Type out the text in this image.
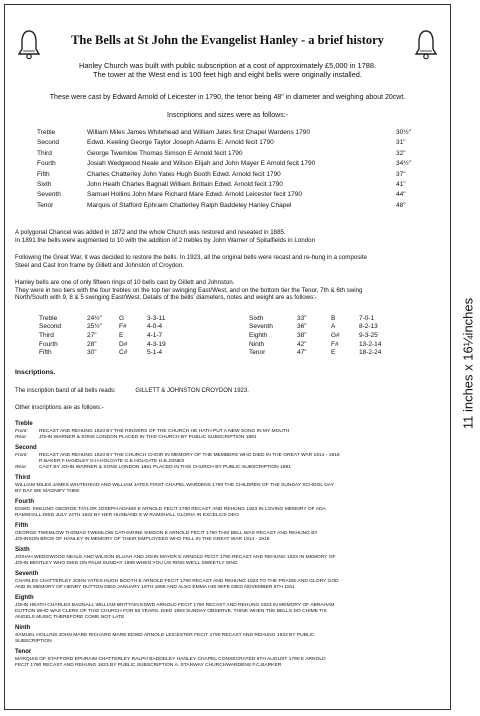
The Bells at St John the Evangelist Hanley - a brief history
Hanley Church was built with public subscription at a cost of approximately £5,000 in 1788.
The tower at the West end is 100 feet high and eight bells were originally installed.
These were cast by Edward Arnold of Leicester in 1790, the tenor being 48" in diameter and weighing about 20cwt.
Inscriptions and sizes were as follows:-
Treble	William Miles James Whitehead and William Jates first Chapel Wardens 1790	30½"
Second	Edwd. Keeling George Taylor Joseph Adams E: Arnold fecit 1790	31"
Third	George Twemlow Thomas Simson E Arnold fecit 1790	32"
Fourth	Josiah Wedgwood Neale and Wilson Elijah and John Mayer E Arnold fecit 1790	34½"
Fifth	Charles Chatterley John Yates Hugh Booth Edwd. Arnold fecit 1790	37"
Sixth	John Heath Charles Bagnall William Brittain Edwd. Arnold fecit 1790	41"
Seventh	Samuel Hollins John Mare Richard Mare Edwd. Arnold Leicester fecit 1790	44"
Tenor	Marquis of Stafford Ephraim Chatterley Ralph Baddeley Hanley Chapel	48"
A polygonal Chancel was added in 1872 and the whole Church was restored and reseated in 1885.
In 1891 the bells were augmented to 10 with the addition of 2 trebles by John Warner of Spitalfields in London
Following the Great War, it was decided to restore the bells. In 1923, all the original bells were recast and re-hung in a composite
Steel and Cast Iron frame by Gillett and Johnston of Croydon.
Hanley bells are one of only fifteen rings of 10 bells cast by Gillett and Johnston.
They were in two tiers with the four trebles on the top tier swinging East/West, and on the bottom tier the Tenor, 7th & 6th swing
North/South with 9, 8 & 5 swinging East/West. Details of the bells' diameters, notes and weight are as follows:-
Treble	24½"	G	3-3-11
Second	25½"	F#	4-0-4
Third	27"	E	4-1-7
Fourth	28"	D#	4-3-19
Fifth	30"	C#	5-1-4
Sixth	33"	B	7-0-1
Seventh	36"	A	8-2-13
Eighth	38"	G#	9-3-25
Ninth	42"	F#	13-2-14
Tenor	47"	E	18-2-24
Inscriptions.
The inscription band of all bells reads:	GILLETT & JOHNSTON CROYDON 1923.
Other inscriptions are as follows:-
Treble
Front: RECAST AND REHUNG 1923 BY THE RINGERS OF THE CHURCH HE HATH PUT A NEW SONG IN MY MOUTH
Rear: JOHN WARNER & SONS LONDON PLACED IN THIS CHURCH BY PUBLIC SUBSCRIPTION 1891
Second
Front: RECAST AND REHUNG 1923 BY THE CHURCH CHOIR IN MEMORY OF THE MEMBERS WHO DIED IN THE GREAT WAR 1914 - 1918
R.BAKER F.HANDLEY G.H.HOLGATE G.E.HOLGATE H.B.JONES
Rear: CAST BY JOHN WARNER & SONS LONDON 1891 PLACED IN THIS CHURCH BY PUBLIC SUBSCRIPTION 1891
Third
WILLIAM MILES JAMES WHITEHEAD AND WILLIAM JATES FIRST CHAPEL WARDENS 1790 THE CHILDREN OF THE SUNDAY SCHOOL DAY
BY DAY WE MAGNIFY THEE
Fourth
EDWD. KEELING GEORGE TAYLOR JOSEPH ADAMS E ARNOLD FECIT 1790 RECAST AND REHUNG 1923 IN LOVING MEMORY OF ADA
RAMSHALL DIED JULY 24TH 1922 BY HER HUSBAND S W RAMSHALL GLORIA IN EXCELCIS DEO
Fifth
GEORGE TWEMLOW THOMAS TWEMLOW CATHARINE SIMSON E ARNOLD FECIT 1790 THIS BELL WAS RECAST AND REHUNG BY
JOHNSON BROS OF HANLEY IN MEMORY OF THEIR EMPLOYEES WHO FELL IN THE GREAT WAR 1914 - 1918
Sixth
JOSIAH WEDGWOOD NEALE AND WILSON ELIJAH AND JOHN MAYER E ARNOLD FECIT 1790 RECAST AND REHUNG 1923 IN MEMORY OF
JOHN BENTLEY WHO DIED ON PALM SUNDAY 1899 WHEN YOU US RING WE'LL SWEETLY SING
Seventh
CHARLES CHATTERLEY JOHN YATES HUGH BOOTH E ARNOLD FECIT 1790 RECAST AND REHUNG 1923 TO THE PRAISE AND GLORY GOD
AND IN MEMORY OF HENRY DUTTON DIED JANUARY 19TH 1898 AND ALSO EMMA HIS WIFE DIED NOVEMBER 6TH 1911
Eighth
JOHN HEATH CHARLES BAGNALL WILLIAM BRITTAIN EDWD ARNOLD FECIT 1790 RECAST AND REHUNG 1923 IN MEMORY OF ABRAHAM
DUTTON WHO WAS CLERK OF THIS CHURCH FOR 55 YEARS. DIED 1883 SUNDAY OBSERVE. THINK WHEN THE BELLS DO CHIME TIS
ANGELS MUSIC THEREFORE COME NOT LATE
Ninth
SAMUEL HOLLINS JOHN MARE RICHARD MARE EDWD ARNOLD LEICESTER FECIT 1790 RECAST AND REHUNG 1923 BY PUBLIC
SUBSCRIPTION
Tenor
MARQUIS OF STAFFORD EPHRAIM CHATTERLEY RALPH BADDELEY HANLEY CHAPEL CONSECRATED 6TH AUGUST 1790 E ARNOLD
FECIT 1790 RECAST AND REHUNG 1923 BY PUBLIC SUBSCRIPTION A. STANWAY CHURCHWARDENS F.C.BARKER
11 inches x 16¼inches
